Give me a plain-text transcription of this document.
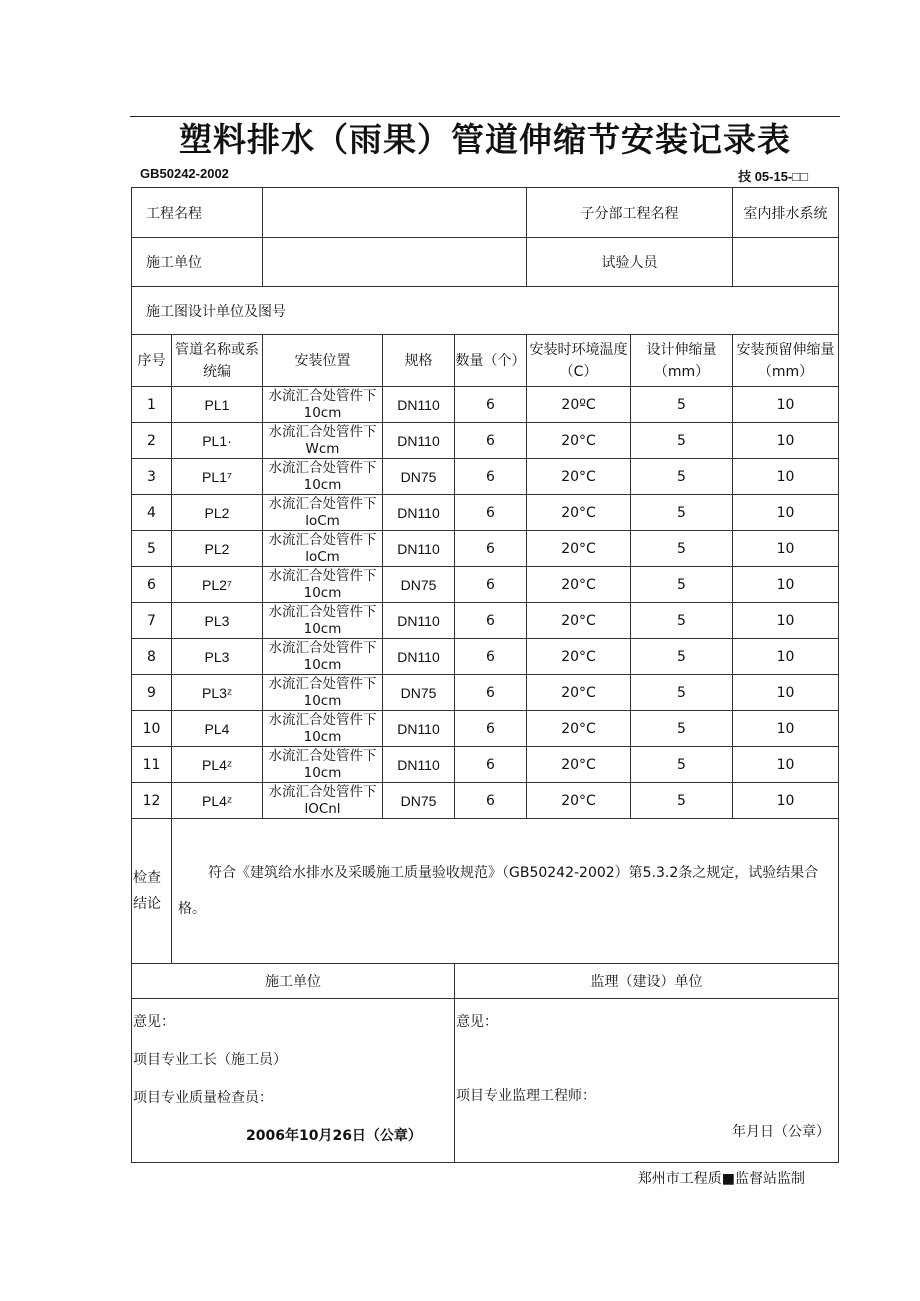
塑料排水（雨果）管道伸缩节安装记录表
GB50242-2002	技 05-15-□□
工程名程					子分部工程名程		室内排水系统
施工单位					试验人员		
施工图设计单位及图号							
序号	管道名称或系统编	安装位置	规格	数量（个）	安装时环境温度（C）	设计伸缩量（mm）	安装预留伸缩量（mm）
1	PL1	水流汇合处管件下10cm	DN110	6	20ºC	5	10
2	PL1·	水流汇合处管件下Wcm	DN110	6	20°C	5	10
3	PL1⁷	水流汇合处管件下10cm	DN75	6	20°C	5	10
4	PL2	水流汇合处管件下loCm	DN110	6	20°C	5	10
5	PL2	水流汇合处管件下loCm	DN110	6	20°C	5	10
6	PL2⁷	水流汇合处管件下10cm	DN75	6	20°C	5	10
7	PL3	水流汇合处管件下10cm	DN110	6	20°C	5	10
8	PL3	水流汇合处管件下10cm	DN110	6	20°C	5	10
9	PL3ᶻ	水流汇合处管件下10cm	DN75	6	20°C	5	10
10	PL4	水流汇合处管件下10cm	DN110	6	20°C	5	10
11	PL4ᶻ	水流汇合处管件下10cm	DN110	6	20°C	5	10
12	PL4ᶻ	水流汇合处管件下lOCnl	DN75	6	20°C	5	10
检查结论	符合《建筑给水排水及采暖施工质量验收规范》（GB50242-2002）第5.3.2条之规定，试验结果合格。						
施工单位				监理（建设）单位			

意见：
项目专业工长（施工员）
项目专业质量检查员：
2006年10月26日（公章）				意见：
项目专业监理工程师：
年月日（公章）			
郑州市工程质■监督站监制
